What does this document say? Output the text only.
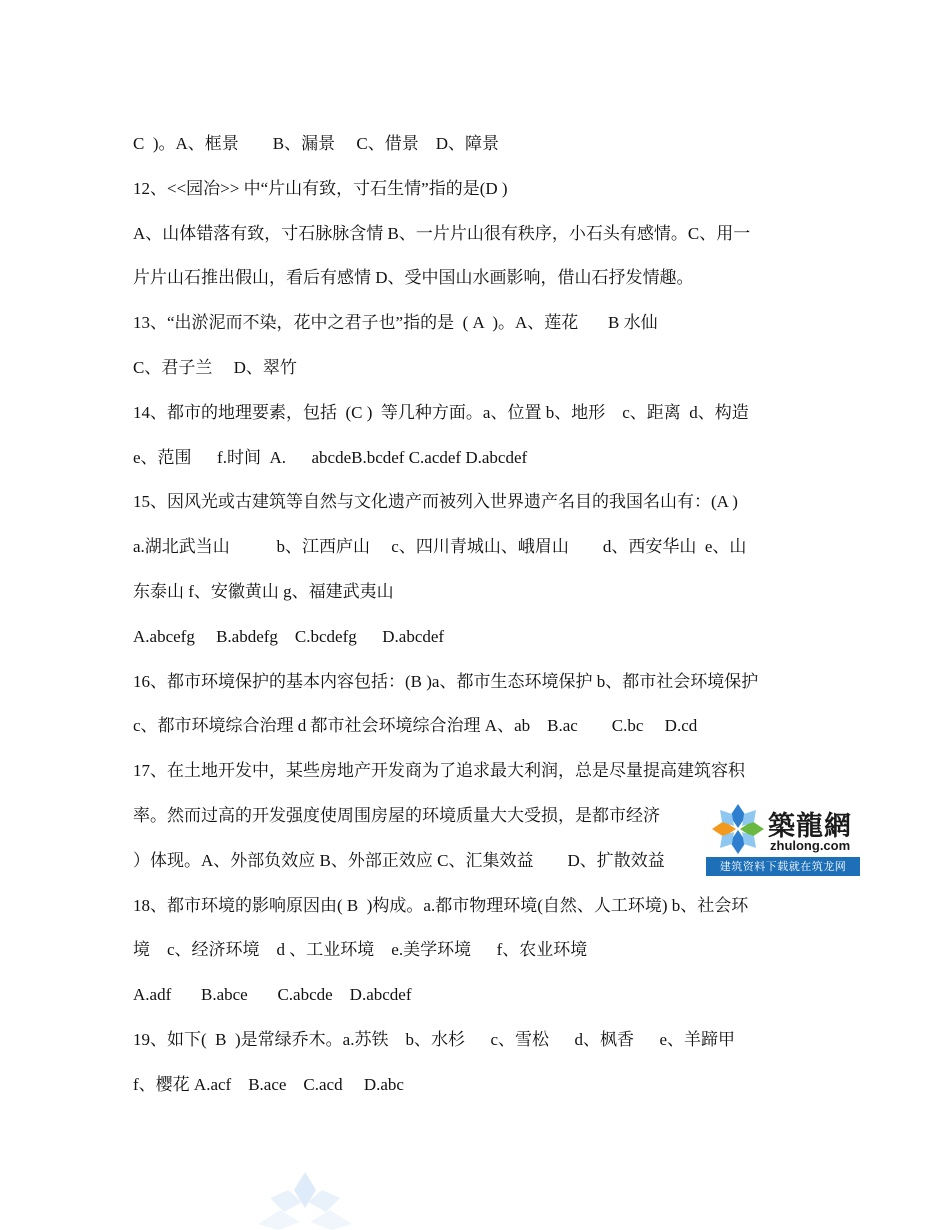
C  )。A、框景        B、漏景     C、借景    D、障景
12、<<园冶>> 中“片山有致，寸石生情”指的是(D )
A、山体错落有致，寸石脉脉含情 B、一片片山很有秩序，小石头有感情。C、用一
片片山石推出假山，看后有感情 D、受中国山水画影响，借山石抒发情趣。
13、“出淤泥而不染，花中之君子也”指的是  ( A  )。A、莲花       B 水仙
C、君子兰     D、翠竹
14、都市的地理要素，包括  (C )  等几种方面。a、位置 b、地形    c、距离  d、构造
e、范围      f.时间  A.      abcdeB.bcdef C.acdef D.abcdef
15、因风光或古建筑等自然与文化遗产而被列入世界遗产名目的我国名山有：(A )
a.湖北武当山           b、江西庐山     c、四川青城山、峨眉山        d、西安华山  e、山
东泰山 f、安徽黄山 g、福建武夷山
A.abcefg     B.abdefg    C.bcdefg      D.abcdef
16、都市环境保护的基本内容包括：(B )a、都市生态环境保护 b、都市社会环境保护
c、都市环境综合治理 d 都市社会环境综合治理 A、ab    B.ac        C.bc     D.cd
17、在土地开发中，某些房地产开发商为了追求最大利润，总是尽量提高建筑容积
率。然而过高的开发强度使周围房屋的环境质量大大受损，是都市经济
）体现。A、外部负效应 B、外部正效应 C、汇集效益        D、扩散效益
18、都市环境的影响原因由( B  )构成。a.都市物理环境(自然、人工环境) b、社会环
境    c、经济环境    d 、工业环境    e.美学环境      f、农业环境
A.adf       B.abce       C.abcde    D.abcdef
19、如下(  B  )是常绿乔木。a.苏铁    b、水杉      c、雪松      d、枫香      e、羊蹄甲
f、樱花 A.acf    B.ace    C.acd     D.abc
築龍網
zhulong.com
建筑资料下载就在筑龙网
